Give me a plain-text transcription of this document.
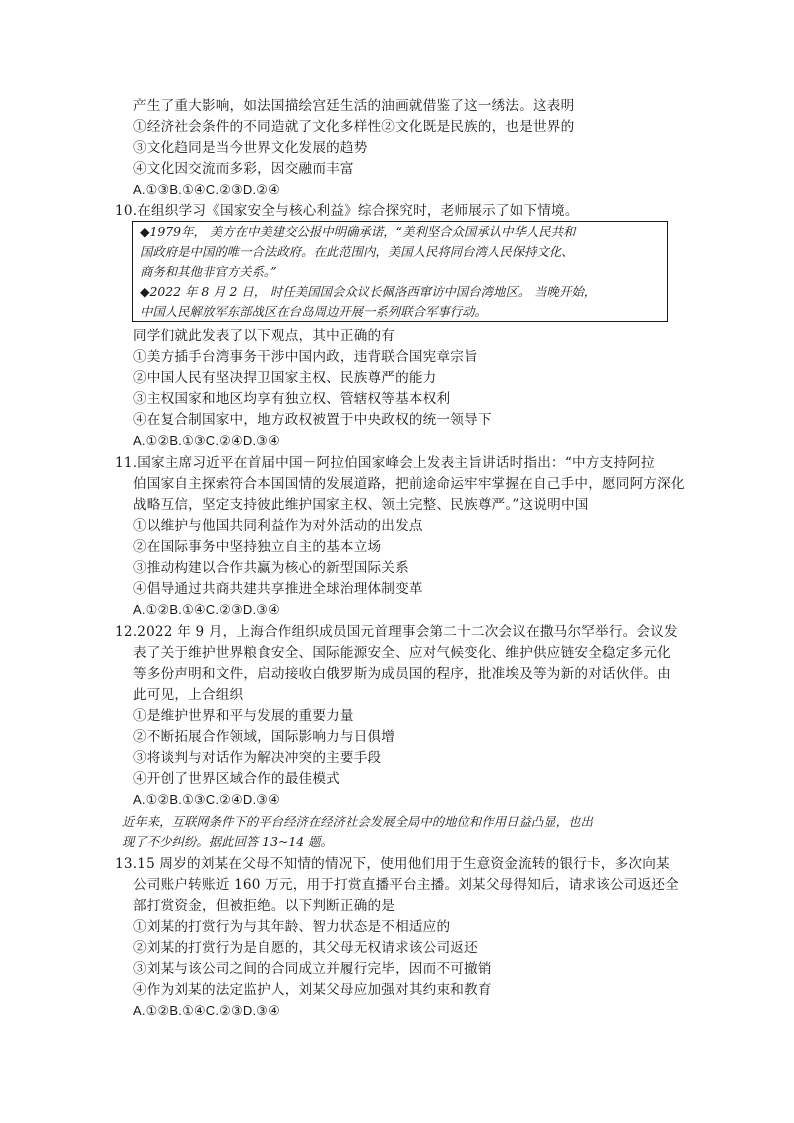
产生了重大影响，如法国描绘宫廷生活的油画就借鉴了这一绣法。这表明
①经济社会条件的不同造就了文化多样性②文化既是民族的，也是世界的
③文化趋同是当今世界文化发展的趋势
④文化因交流而多彩，因交融而丰富
A.①③B.①④C.②③D.②④
10.在组织学习《国家安全与核心利益》综合探究时，老师展示了如下情境。
◆1979年， 美方在中美建交公报中明确承诺，“美利坚合众国承认中华人民共和
国政府是中国的唯一合法政府。在此范围内，美国人民将同台湾人民保持文化、
商务和其他非官方关系。”
◆2022 年 8 月 2 日， 时任美国国会众议长佩洛西窜访中国台湾地区。 当晚开始，
中国人民解放军东部战区在台岛周边开展一系列联合军事行动。
同学们就此发表了以下观点，其中正确的有
①美方插手台湾事务干涉中国内政，违背联合国宪章宗旨
②中国人民有坚决捍卫国家主权、民族尊严的能力
③主权国家和地区均享有独立权、管辖权等基本权利
④在复合制国家中，地方政权被置于中央政权的统一领导下
A.①②B.①③C.②④D.③④
11.国家主席习近平在首届中国－阿拉伯国家峰会上发表主旨讲话时指出：“中方支持阿拉
伯国家自主探索符合本国国情的发展道路，把前途命运牢牢掌握在自己手中，愿同阿方深化
战略互信，坚定支持彼此维护国家主权、领土完整、民族尊严。”这说明中国
①以维护与他国共同利益作为对外活动的出发点
②在国际事务中坚持独立自主的基本立场
③推动构建以合作共赢为核心的新型国际关系
④倡导通过共商共建共享推进全球治理体制变革
A.①②B.①④C.②③D.③④
12.2022 年 9 月，上海合作组织成员国元首理事会第二十二次会议在撒马尔罕举行。会议发
表了关于维护世界粮食安全、国际能源安全、应对气候变化、维护供应链安全稳定多元化
等多份声明和文件，启动接收白俄罗斯为成员国的程序，批准埃及等为新的对话伙伴。由
此可见，上合组织
①是维护世界和平与发展的重要力量
②不断拓展合作领域，国际影响力与日俱增
③将谈判与对话作为解决冲突的主要手段
④开创了世界区域合作的最佳模式
A.①②B.①③C.②④D.③④
近年来，互联网条件下的平台经济在经济社会发展全局中的地位和作用日益凸显，也出
现了不少纠纷。据此回答 13~14 题。
13.15 周岁的刘某在父母不知情的情况下，使用他们用于生意资金流转的银行卡，多次向某
公司账户转账近 160 万元，用于打赏直播平台主播。刘某父母得知后，请求该公司返还全
部打赏资金，但被拒绝。以下判断正确的是
①刘某的打赏行为与其年龄、智力状态是不相适应的
②刘某的打赏行为是自愿的，其父母无权请求该公司返还
③刘某与该公司之间的合同成立并履行完毕，因而不可撤销
④作为刘某的法定监护人，刘某父母应加强对其约束和教育
A.①②B.①④C.②③D.③④
